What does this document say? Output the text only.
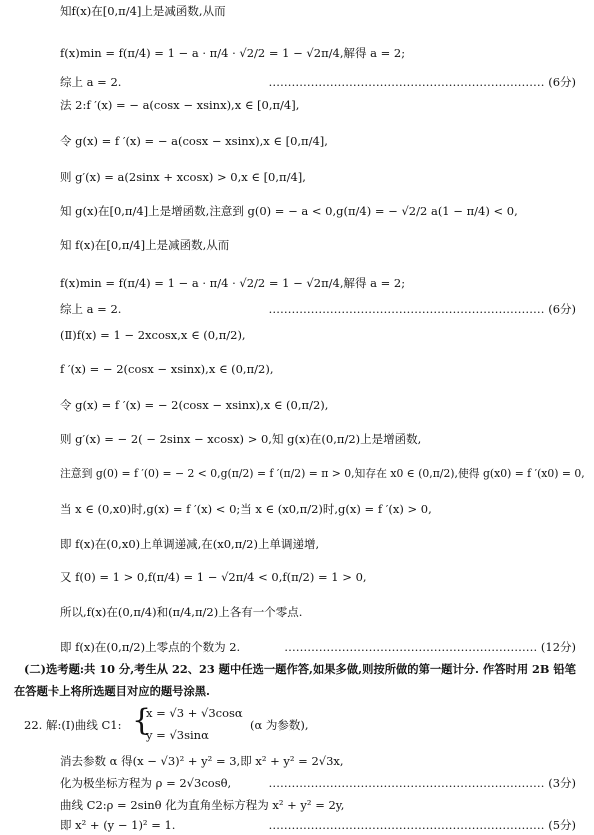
知f(x)在[0,π/4]上是减函数,从而
f(x)min = f(π/4) = 1 − a · π/4 · √2/2 = 1 − √2π/4,解得 a = 2;
综上 a = 2.	……………………………………………………………… (6分)
法 2:f ′(x) = − a(cosx − xsinx),x ∈ [0,π/4],
令 g(x) = f ′(x) = − a(cosx − xsinx),x ∈ [0,π/4],
则 g′(x) = a(2sinx + xcosx) > 0,x ∈ [0,π/4],
知 g(x)在[0,π/4]上是增函数,注意到 g(0) = − a < 0,g(π/4) = − √2/2 a(1 − π/4) < 0,
知 f(x)在[0,π/4]上是减函数,从而
f(x)min = f(π/4) = 1 − a · π/4 · √2/2 = 1 − √2π/4,解得 a = 2;
综上 a = 2.	……………………………………………………………… (6分)
(Ⅱ)f(x) = 1 − 2xcosx,x ∈ (0,π/2),
f ′(x) = − 2(cosx − xsinx),x ∈ (0,π/2),
令 g(x) = f ′(x) = − 2(cosx − xsinx),x ∈ (0,π/2),
则 g′(x) = − 2( − 2sinx − xcosx) > 0,知 g(x)在(0,π/2)上是增函数,
注意到 g(0) = f ′(0) = − 2 < 0,g(π/2) = f ′(π/2) = π > 0,知存在 x0 ∈ (0,π/2),使得 g(x0) = f ′(x0) = 0,
当 x ∈ (0,x0)时,g(x) = f ′(x) < 0;当 x ∈ (x0,π/2)时,g(x) = f ′(x) > 0,
即 f(x)在(0,x0)上单调递减,在(x0,π/2)上单调递增,
又 f(0) = 1 > 0,f(π/4) = 1 − √2π/4 < 0,f(π/2) = 1 > 0,
所以,f(x)在(0,π/4)和(π/4,π/2)上各有一个零点.
即 f(x)在(0,π/2)上零点的个数为 2.	………………………………………………………… (12分)
(二)选考题:共 10 分,考生从 22、23 题中任选一题作答,如果多做,则按所做的第一题计分. 作答时用 2B 铅笔
在答题卡上将所选题目对应的题号涂黑.
22. 解:(Ⅰ)曲线 C1: {
x = √3 + √3cosα
y = √3sinα
(α 为参数),
消去参数 α 得(x − √3)² + y² = 3,即 x² + y² = 2√3x,
化为极坐标方程为 ρ = 2√3cosθ,	……………………………………………………………… (3分)
曲线 C2:ρ = 2sinθ 化为直角坐标方程为 x² + y² = 2y,
即 x² + (y − 1)² = 1.	……………………………………………………………… (5分)
